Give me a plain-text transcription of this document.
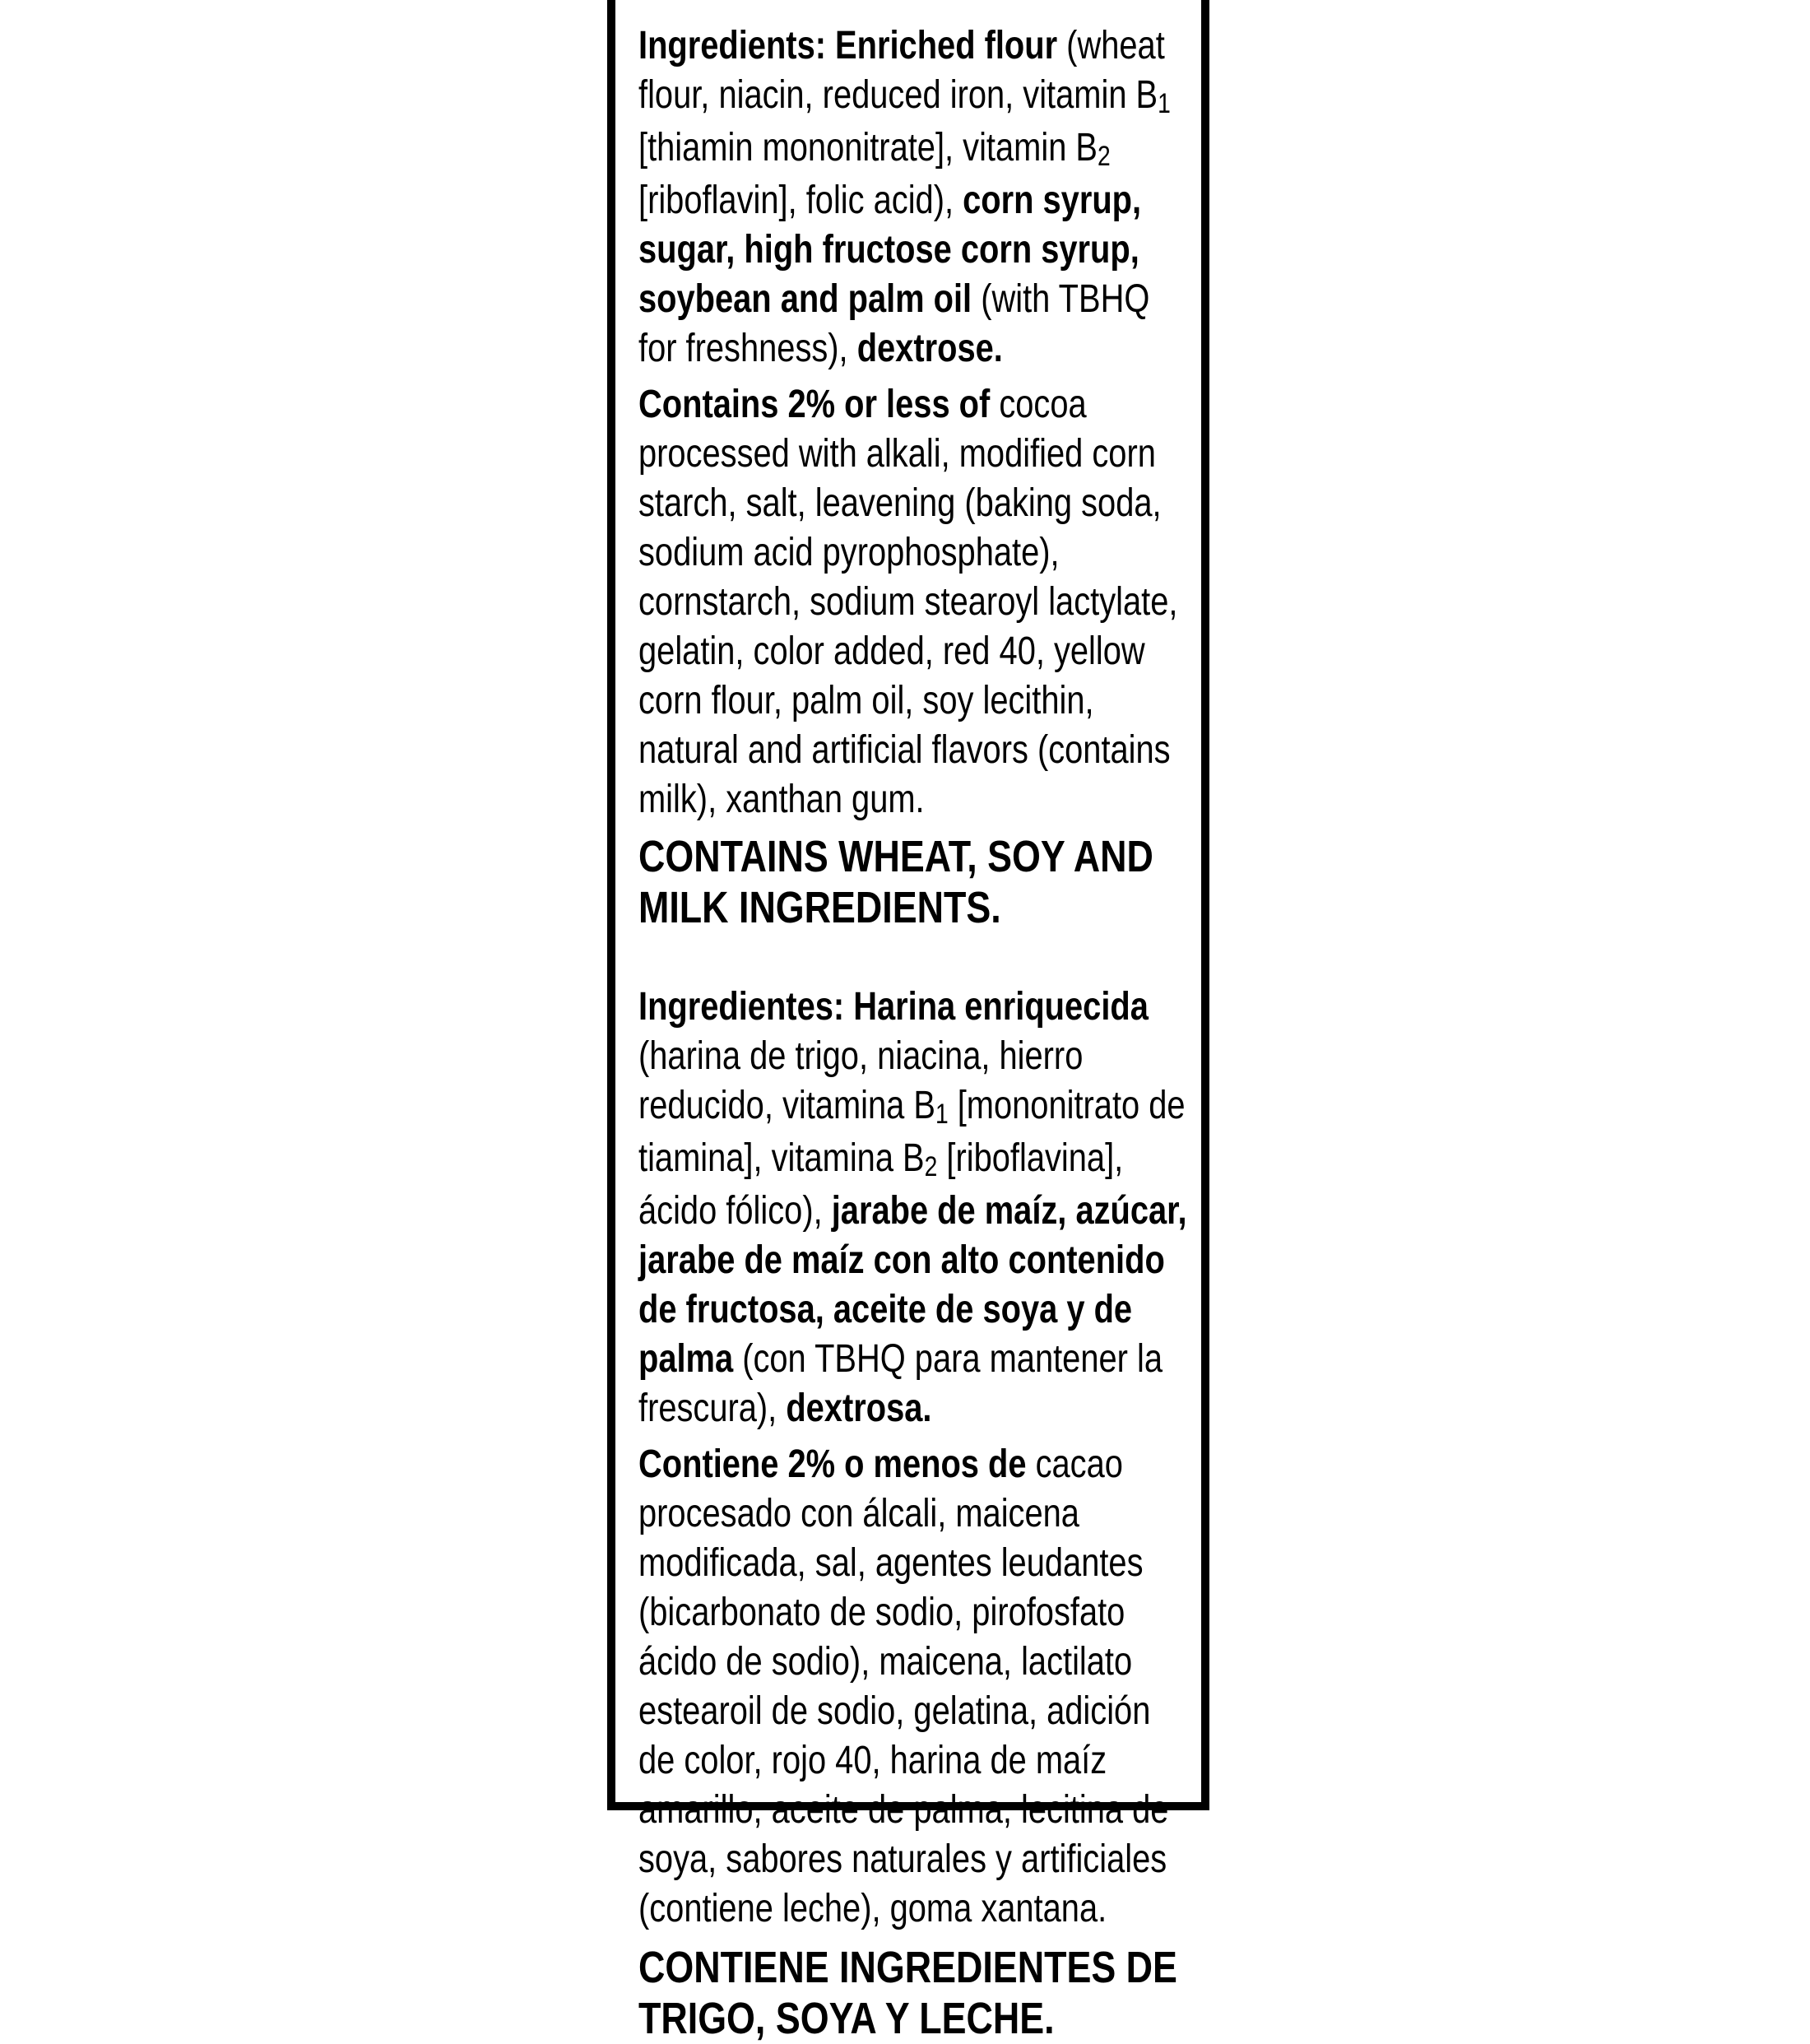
Ingredients: Enriched flour (wheat flour, niacin, reduced iron, vitamin $B_1$ [thiamin mononitrate], vitamin $B_2$ [riboflavin], folic acid), corn syrup, sugar, high fructose corn syrup, soybean and palm oil (with TBHQ for freshness), dextrose.

Contains 2% or less of cocoa processed with alkali, modified corn starch, salt, leavening (baking soda, sodium acid pyrophosphate), cornstarch, sodium stearoyl lactylate, gelatin, color added, red 40, yellow corn flour, palm oil, soy lecithin, natural and artificial flavors (contains milk), xanthan gum.

CONTAINS WHEAT, SOY AND MILK INGREDIENTS.

Ingredientes: Harina enriquecida (harina de trigo, niacina, hierro reducido, vitamina $B_1$ [mononitrato de tiamina], vitamina $B_2$ [riboflavina], ácido fólico), jarabe de maíz, azúcar, jarabe de maíz con alto contenido de fructosa, aceite de soya y de palma (con TBHQ para mantener la frescura), dextrosa.

Contiene 2% o menos de cacao procesado con álcali, maicena modificada, sal, agentes leudantes (bicarbonato de sodio, pirofosfato ácido de sodio), maicena, lactilato estearoil de sodio, gelatina, adición de color, rojo 40, harina de maíz amarillo, aceite de palma, lecitina de soya, sabores naturales y artificiales (contiene leche), goma xantana.

CONTIENE INGREDIENTES DE TRIGO, SOYA Y LECHE.
